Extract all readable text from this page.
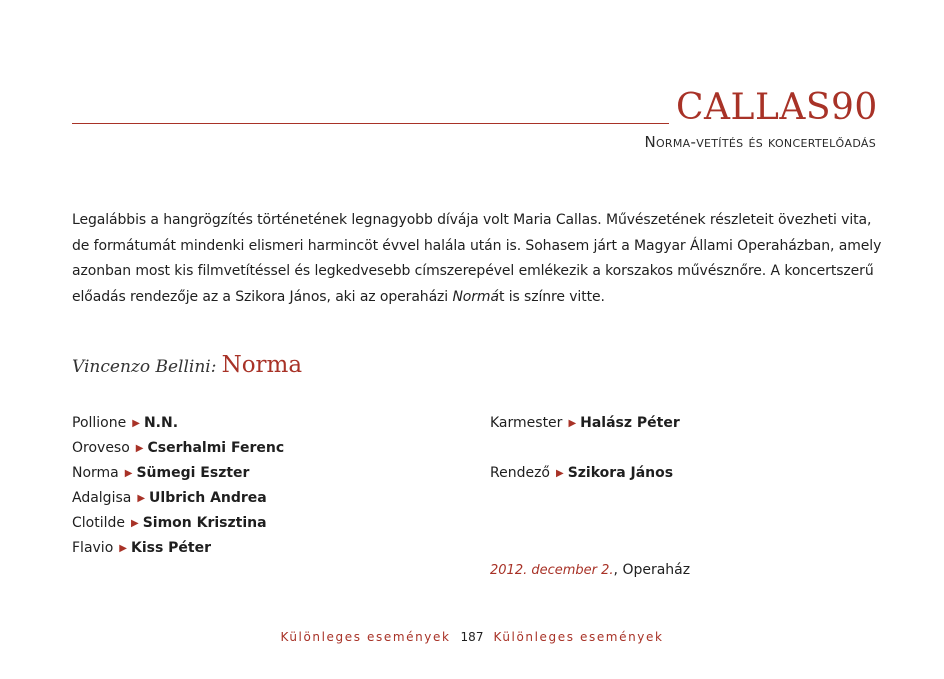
CALLAS90
Norma-vetítés és koncertelőadás

Legalábbis a hangrögzítés történetének legnagyobb dívája volt Maria Callas. Művészetének részleteit övezheti vita,

de formátumát mindenki elismeri harmincöt évvel halála után is. Sohasem járt a Magyar Állami Operaházban, amely

azonban most kis filmvetítéssel és legkedvesebb címszerepével emlékezik a korszakos művésznőre. A koncertszerű

előadás rendezője az a Szikora János, aki az operaházi Normát is színre vitte.

Vincenzo Bellini: Norma
Pollione ▶ N.N.
Oroveso ▶ Cserhalmi Ferenc
Norma ▶ Sümegi Eszter
Adalgisa ▶ Ulbrich Andrea
Clotilde ▶ Simon Krisztina
Flavio ▶ Kiss Péter
Karmester ▶ Halász Péter
Rendező ▶ Szikora János
2012. december 2., Operaház
Különleges események 187 Különleges események
